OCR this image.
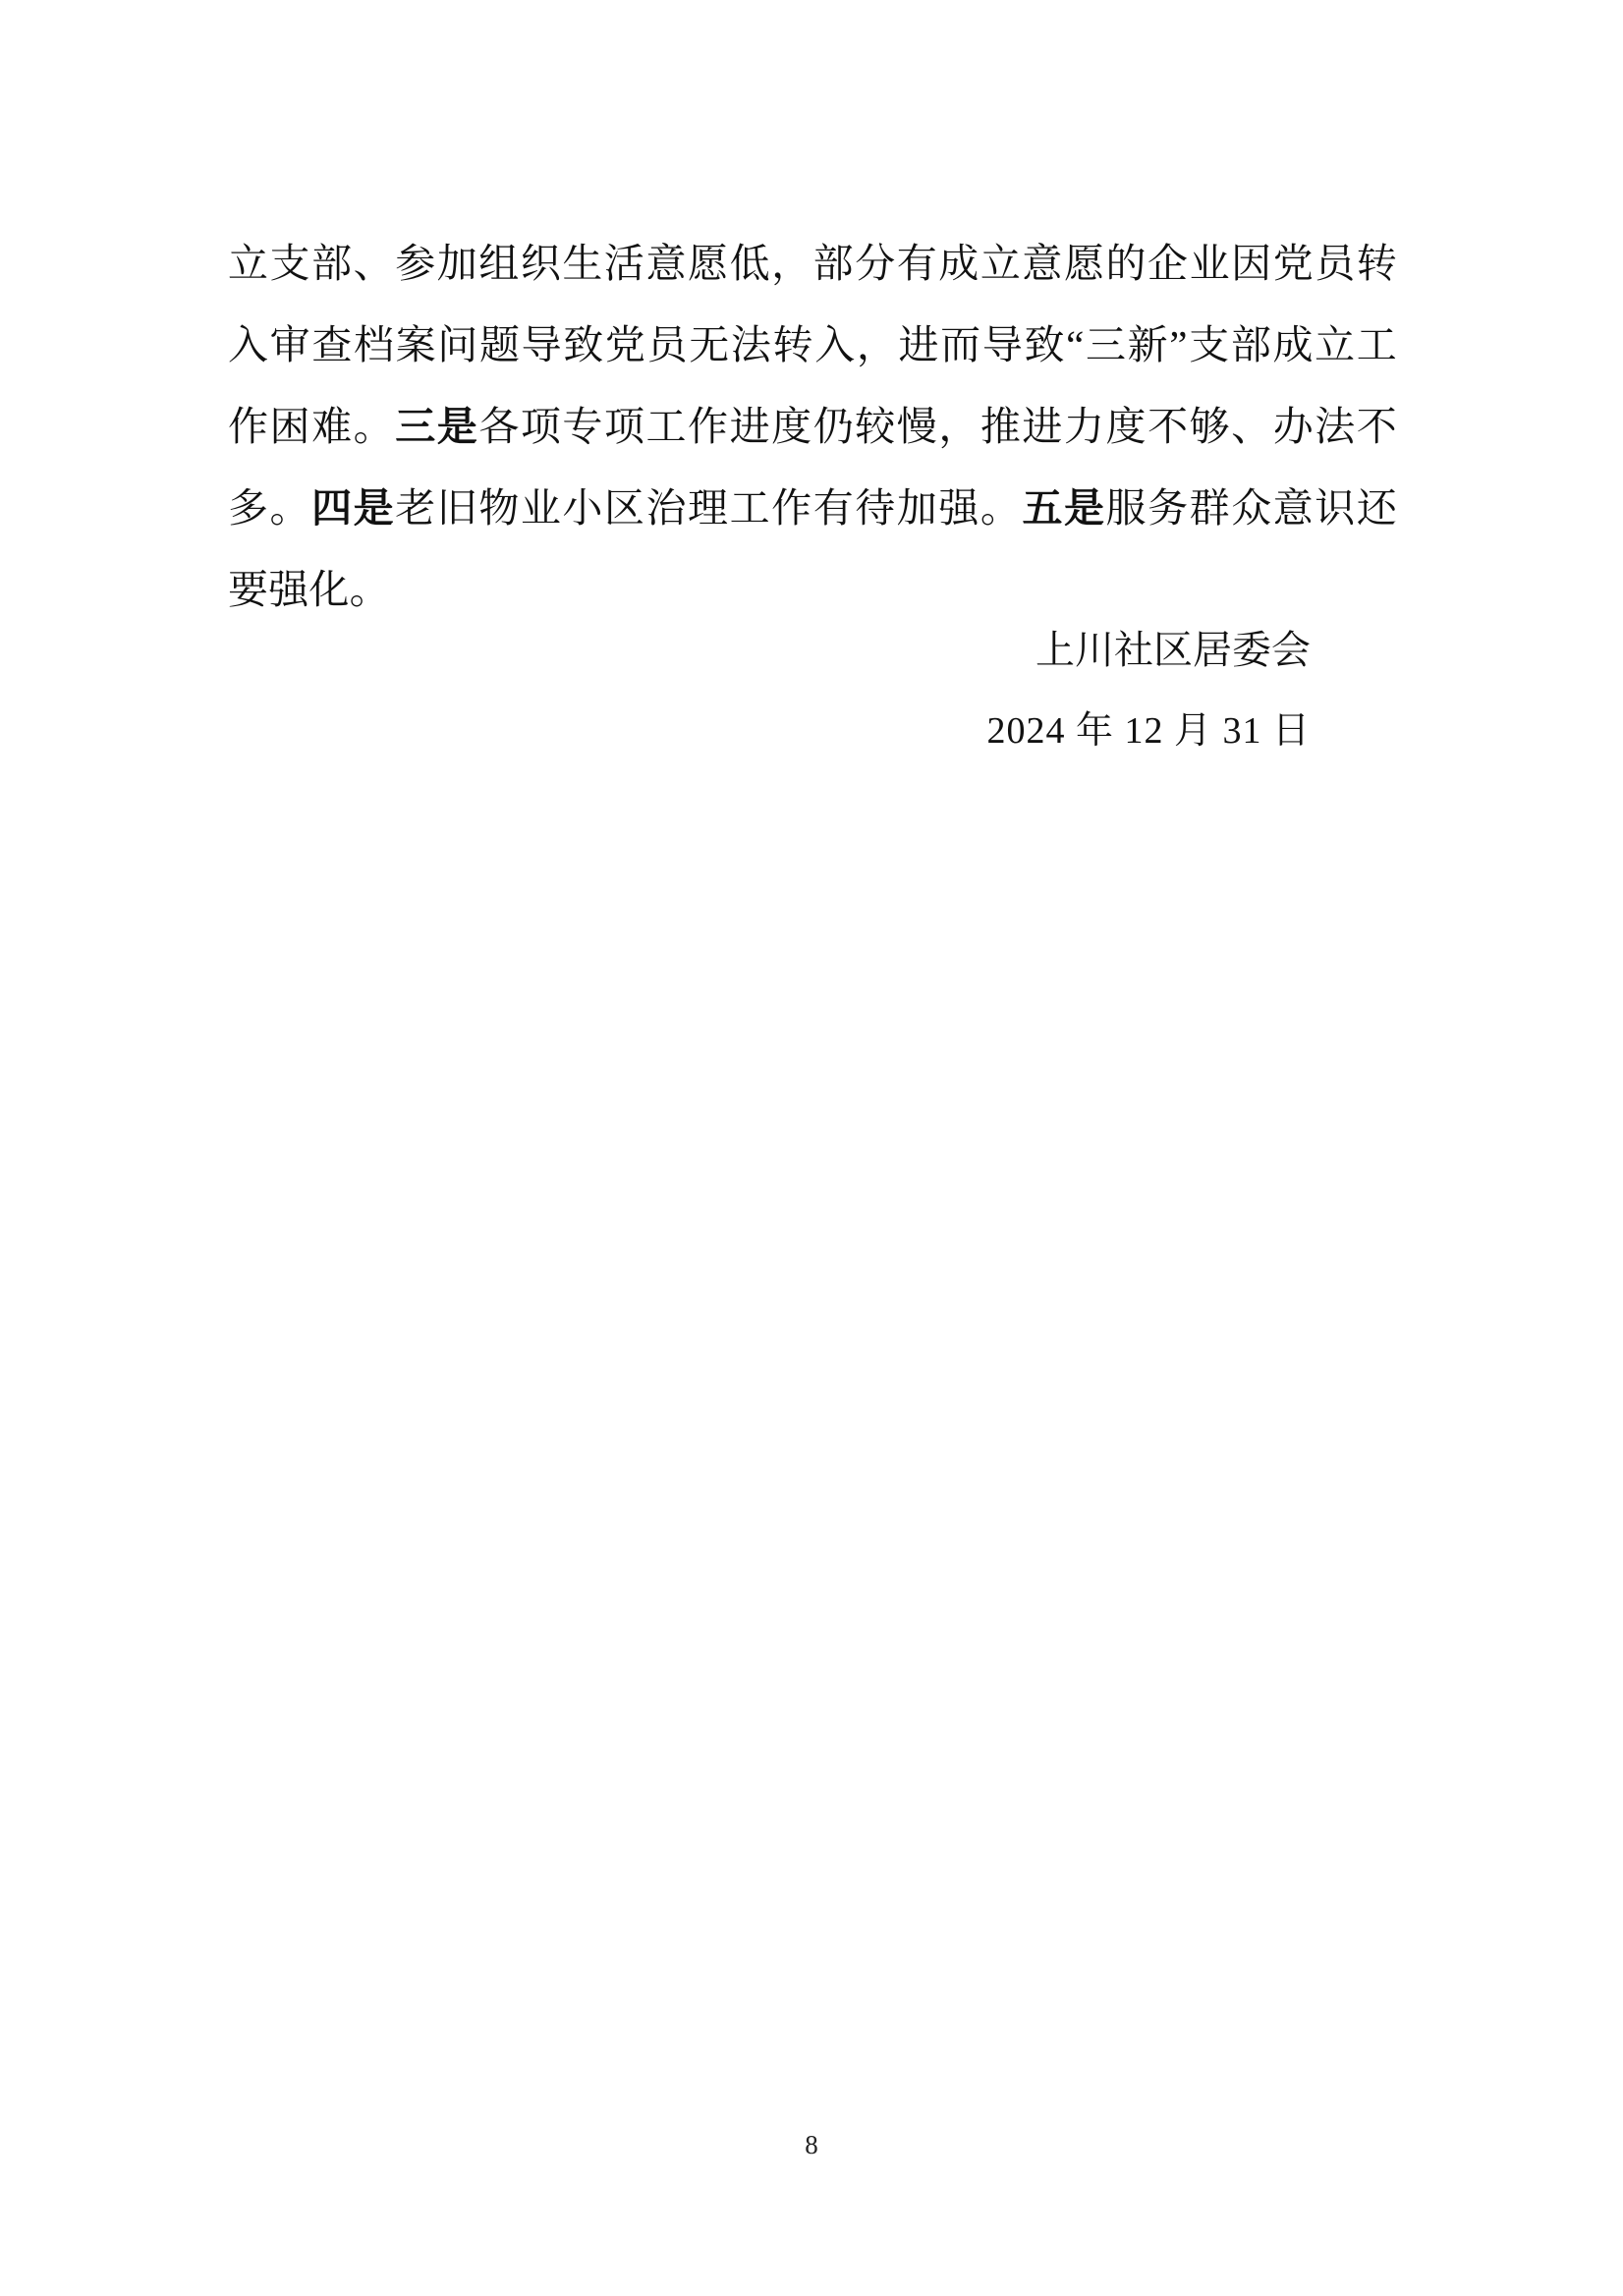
立支部、参加组织生活意愿低，部分有成立意愿的企业因党员转入审查档案问题导致党员无法转入，进而导致“三新”支部成立工作困难。三是各项专项工作进度仍较慢，推进力度不够、办法不多。四是老旧物业小区治理工作有待加强。五是服务群众意识还要强化。

上川社区居委会
2024 年 12 月 31 日
8
